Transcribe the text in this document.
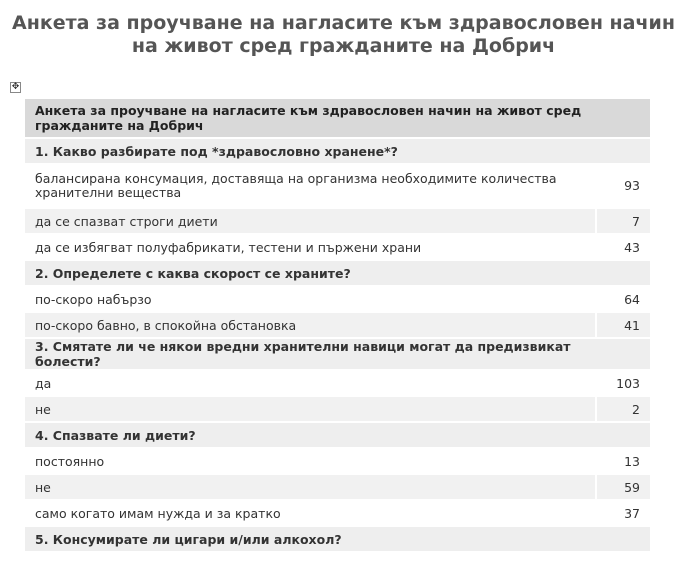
Анкета за проучване на нагласите към здравословен начин на живот сред гражданите на Добрич
✥
Анкета за проучване на нагласите към здравословен начин на живот сред гражданите на Добрич	
1. Какво разбирате под *здравословно хранене*?	
балансирана консумация, доставяща на организма необходимите количества хранителни вещества	93
да се спазват строги диети	7
да се избягват полуфабрикати, тестени и пържени храни	43
2. Определете с каква скорост се храните?	
по-скоро набързо	64
по-скоро бавно, в спокойна обстановка	41
3. Смятате ли че някои вредни хранителни навици могат да предизвикат болести?	
да	103
не	2
4. Спазвате ли диети?	
постоянно	13
не	59
само когато имам нужда и за кратко	37
5. Консумирате ли цигари и/или алкохол?	
